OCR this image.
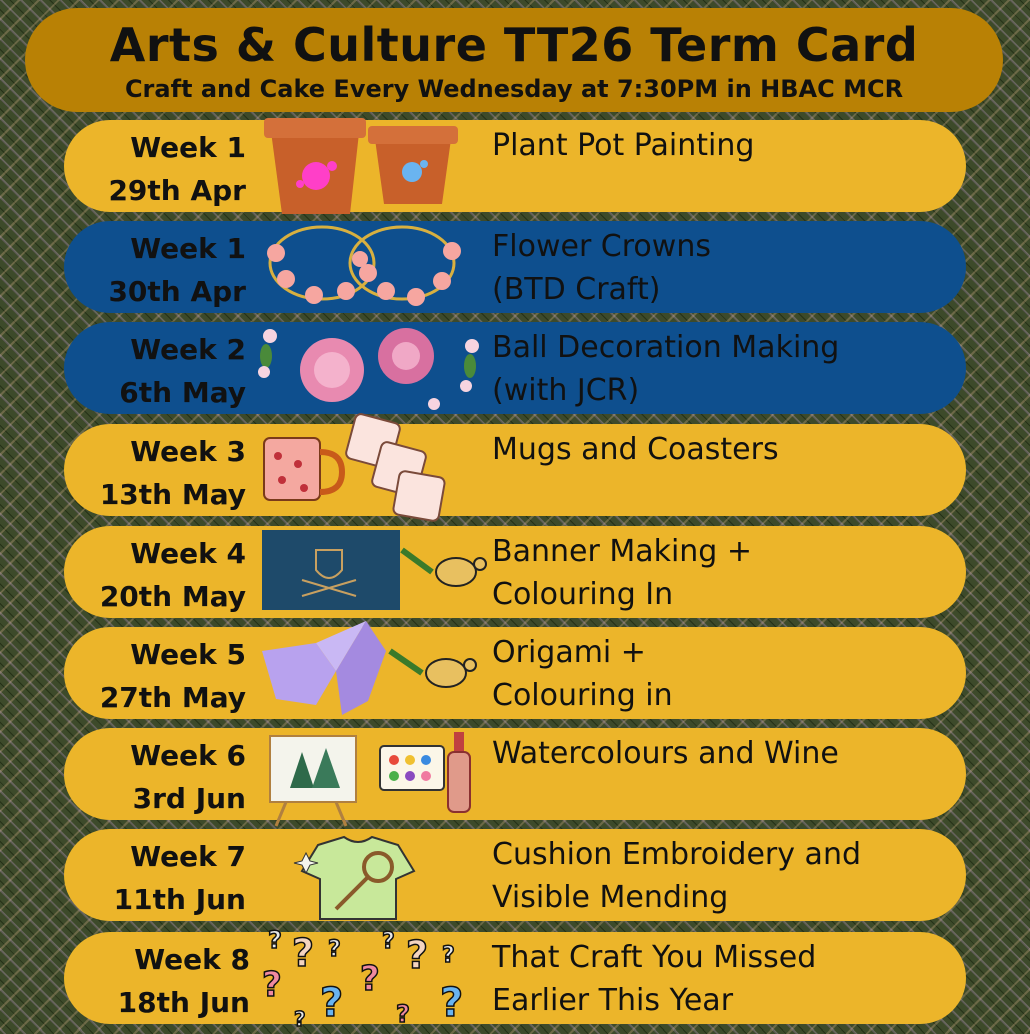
Arts & Culture TT26 Term Card
Craft and Cake Every Wednesday at 7:30PM in HBAC MCR
Week 1
29th Apr
Plant Pot Painting
Week 1
30th Apr
Flower Crowns
(BTD Craft)
Week 2
6th May
Ball Decoration Making
(with JCR)
Week 3
13th May
Mugs and Coasters
Week 4
20th May
Banner Making +
Colouring In
Week 5
27th May
Origami +
Colouring in
Week 6
3rd Jun
Watercolours and Wine
Week 7
11th Jun
Cushion Embroidery and
Visible Mending
Week 8
18th Jun
? ? ?
? ?
?
? ? ?
?
?
?
That Craft You Missed
Earlier This Year
